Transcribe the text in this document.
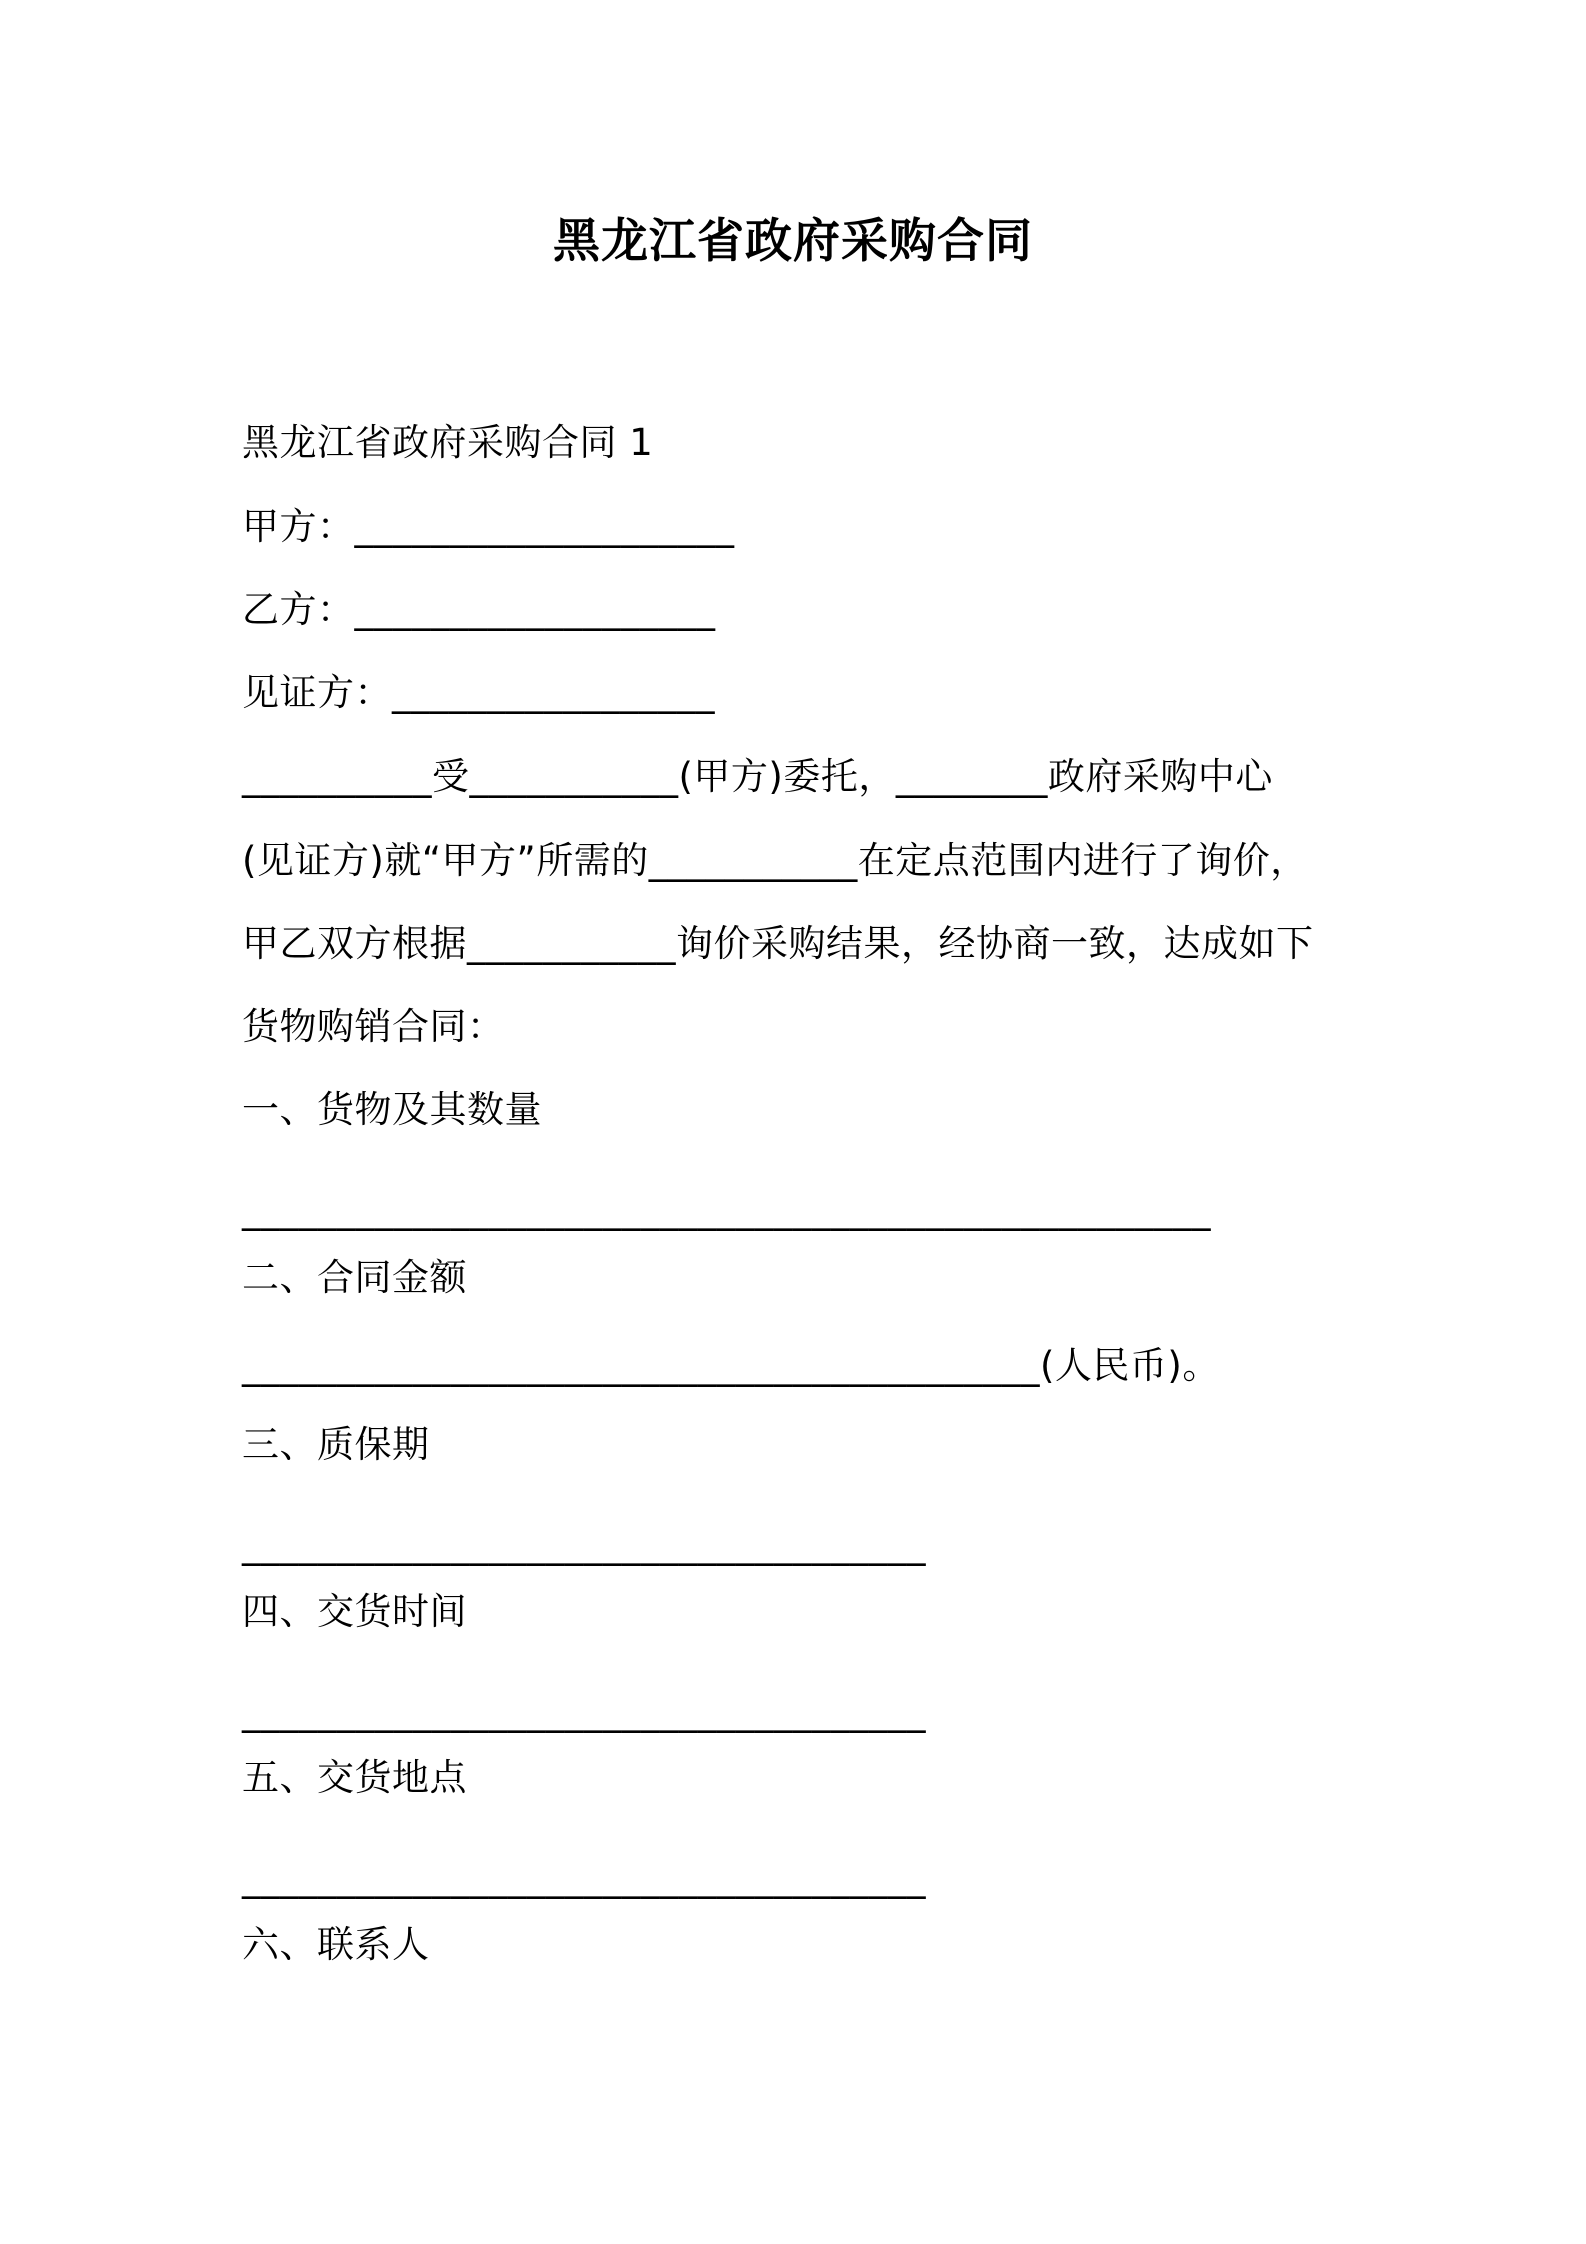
黑龙江省政府采购合同
黑龙江省政府采购合同 1
甲方：____________________
乙方：___________________
见证方：_________________
__________受___________(甲方)委托，________政府采购中心
(见证方)就“甲方”所需的___________在定点范围内进行了询价，
甲乙双方根据___________询价采购结果，经协商一致，达成如下
货物购销合同：
一、货物及其数量
___________________________________________________
二、合同金额
__________________________________________(人民币)。
三、质保期
____________________________________
四、交货时间
____________________________________
五、交货地点
____________________________________
六、联系人
